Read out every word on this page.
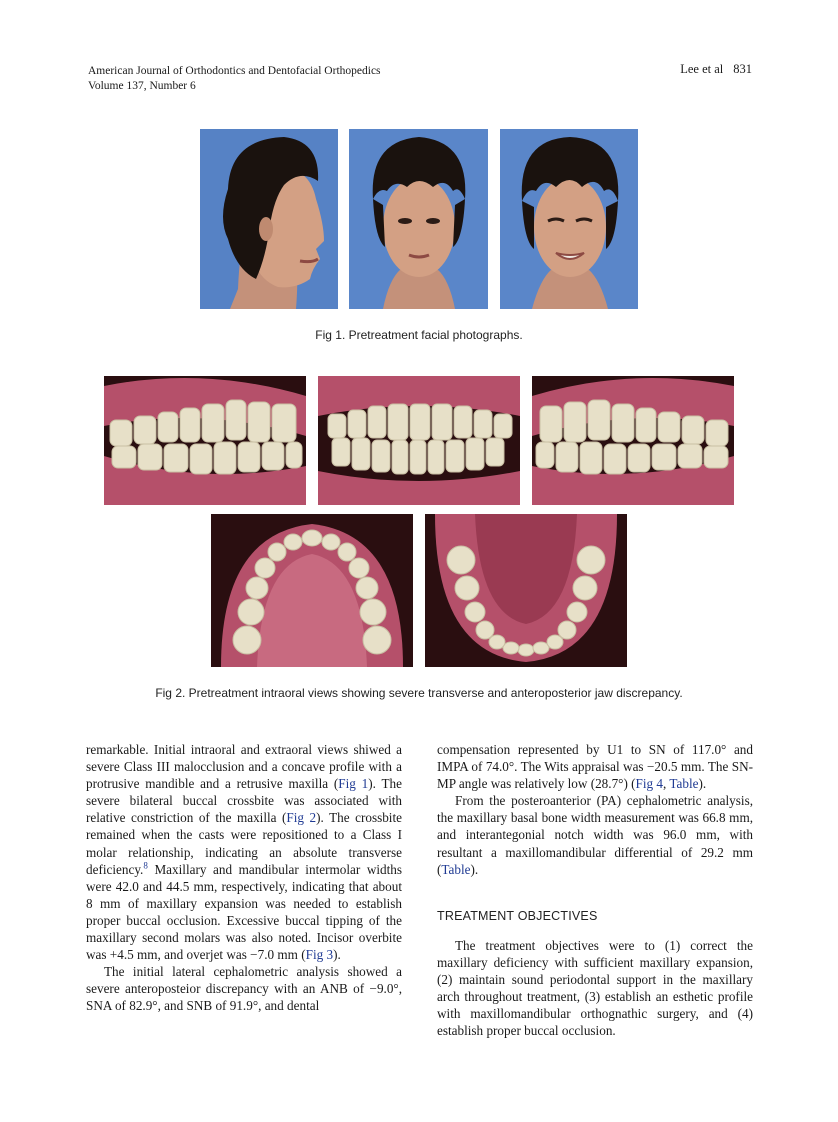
American Journal of Orthodontics and Dentofacial Orthopedics
Volume 137, Number 6
Lee et al 831
Fig 1. Pretreatment facial photographs.
Fig 2. Pretreatment intraoral views showing severe transverse and anteroposterior jaw discrepancy.

remarkable. Initial intraoral and extraoral views shiwed a severe Class III malocclusion and a concave profile with a protrusive mandible and a retrusive maxilla (Fig 1). The severe bilateral buccal crossbite was associated with relative constriction of the maxilla (Fig 2). The crossbite remained when the casts were repositioned to a Class I molar relationship, indicating an absolute transverse deficiency.$^8$ Maxillary and mandibular intermolar widths were 42.0 and 44.5 mm, respectively, indicating that about 8 mm of maxillary expansion was needed to establish proper buccal occlusion. Excessive buccal tipping of the maxillary second molars was also noted. Incisor overbite was +4.5 mm, and overjet was −7.0 mm (Fig 3).

The initial lateral cephalometric analysis showed a severe anteroposteior discrepancy with an ANB of −9.0°, SNA of 82.9°, and SNB of 91.9°, and dental

compensation represented by U1 to SN of 117.0° and IMPA of 74.0°. The Wits appraisal was −20.5 mm. The SN-MP angle was relatively low (28.7°) (Fig 4, Table).

From the posteroanterior (PA) cephalometric analysis, the maxillary basal bone width measurement was 66.8 mm, and interantegonial notch width was 96.0 mm, with resultant a maxillomandibular differential of 29.2 mm (Table).

TREATMENT OBJECTIVES

The treatment objectives were to (1) correct the maxillary deficiency with sufficient maxillary expansion, (2) maintain sound periodontal support in the maxillary arch throughout treatment, (3) establish an esthetic profile with maxillomandibular orthognathic surgery, and (4) establish proper buccal occlusion.
